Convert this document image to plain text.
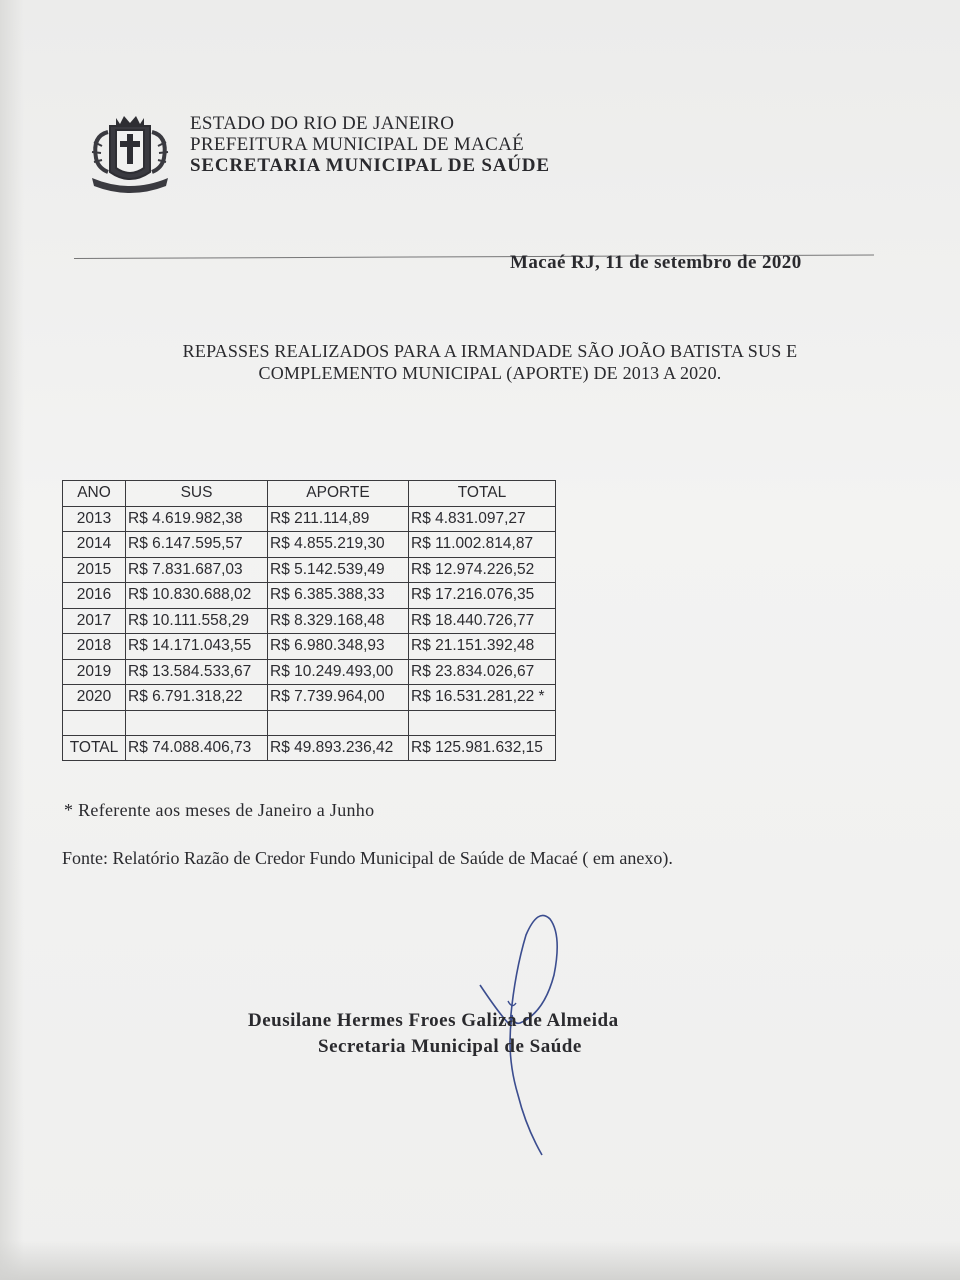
ESTADO DO RIO DE JANEIRO
PREFEITURA MUNICIPAL DE MACAÉ
SECRETARIA MUNICIPAL DE SAÚDE
Macaé RJ, 11 de setembro de 2020
REPASSES REALIZADOS PARA A IRMANDADE SÃO JOÃO BATISTA SUS E
COMPLEMENTO MUNICIPAL (APORTE) DE 2013 A 2020.
ANO	SUS	APORTE	TOTAL
2013	R$ 4.619.982,38	R$ 211.114,89	R$ 4.831.097,27
2014	R$ 6.147.595,57	R$ 4.855.219,30	R$ 11.002.814,87
2015	R$ 7.831.687,03	R$ 5.142.539,49	R$ 12.974.226,52
2016	R$ 10.830.688,02	R$ 6.385.388,33	R$ 17.216.076,35
2017	R$ 10.111.558,29	R$ 8.329.168,48	R$ 18.440.726,77
2018	R$ 14.171.043,55	R$ 6.980.348,93	R$ 21.151.392,48
2019	R$ 13.584.533,67	R$ 10.249.493,00	R$ 23.834.026,67
2020	R$ 6.791.318,22	R$ 7.739.964,00	R$ 16.531.281,22 *

TOTAL	R$ 74.088.406,73	R$ 49.893.236,42	R$ 125.981.632,15
* Referente aos meses de Janeiro a Junho
Fonte: Relatório Razão de Credor Fundo Municipal de Saúde de Macaé ( em anexo).
Deusilane Hermes Froes Galiza de Almeida
Secretaria Municipal de Saúde
